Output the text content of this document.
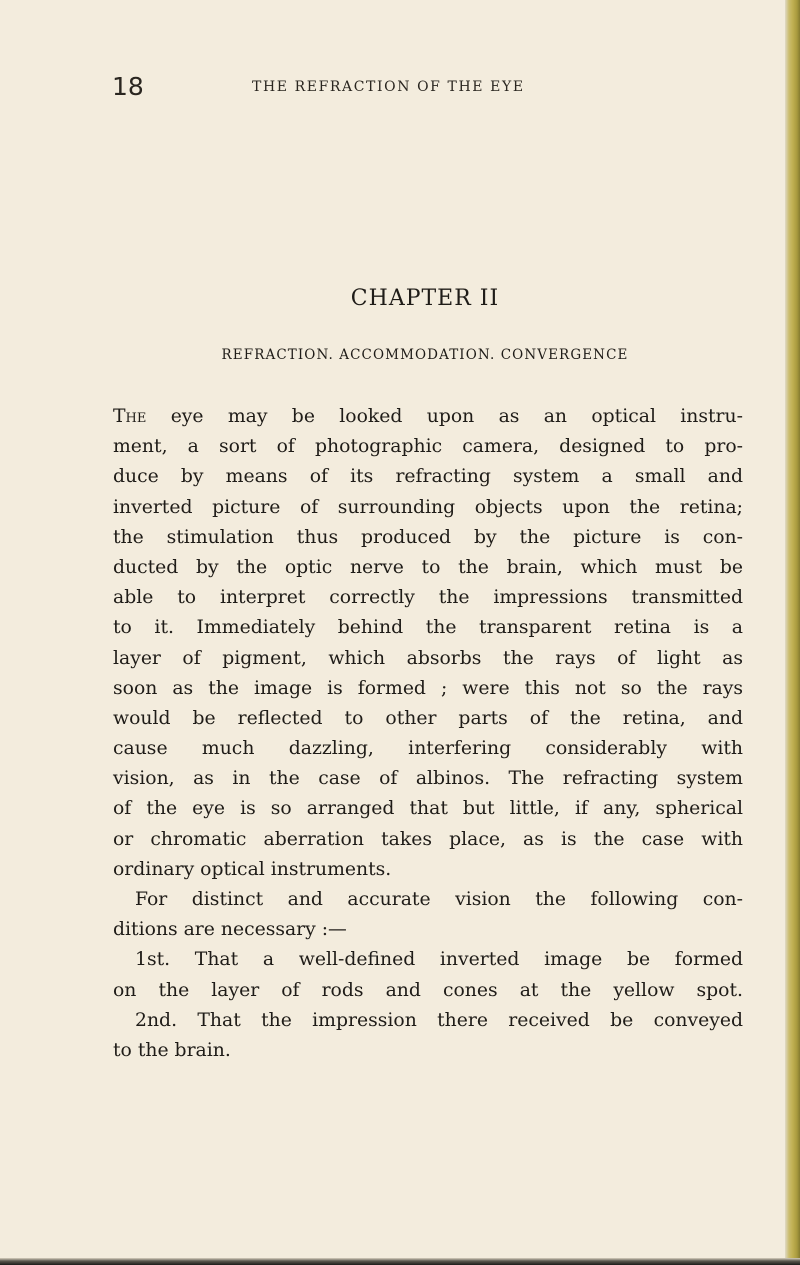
18	THE REFRACTION OF THE EYE
CHAPTER II
REFRACTION. ACCOMMODATION. CONVERGENCE
The eye may be looked upon as an optical instru-
ment, a sort of photographic camera, designed to pro-
duce by means of its refracting system a small and
inverted picture of surrounding objects upon the retina;
the stimulation thus produced by the picture is con-
ducted by the optic nerve to the brain, which must be
able to interpret correctly the impressions transmitted
to it. Immediately behind the transparent retina is a
layer of pigment, which absorbs the rays of light as
soon as the image is formed ; were this not so the rays
would be reflected to other parts of the retina, and
cause much dazzling, interfering considerably with
vision, as in the case of albinos. The refracting system
of the eye is so arranged that but little, if any, spherical
or chromatic aberration takes place, as is the case with
ordinary optical instruments.
For distinct and accurate vision the following con-
ditions are necessary :—
1st. That a well-defined inverted image be formed
on the layer of rods and cones at the yellow spot.
2nd. That the impression there received be conveyed
to the brain.
